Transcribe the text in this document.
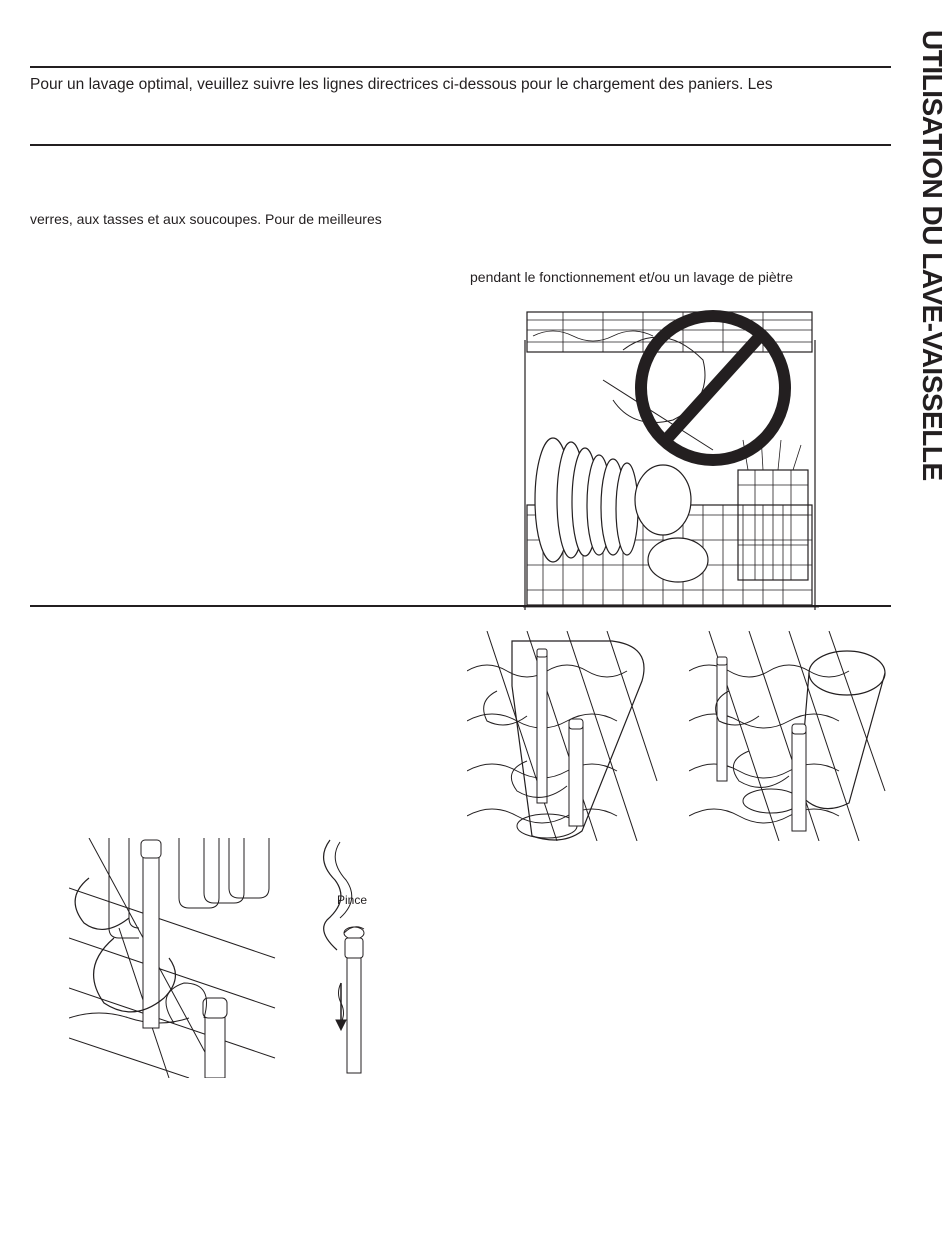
UTILISATION DU LAVE-VAISSELLE
Pour un lavage optimal, veuillez suivre les lignes directrices ci-dessous pour le chargement des paniers. Les
verres, aux tasses et aux soucoupes. Pour de meilleures
pendant le fonctionnement et/ou un lavage de piètre
Pince
